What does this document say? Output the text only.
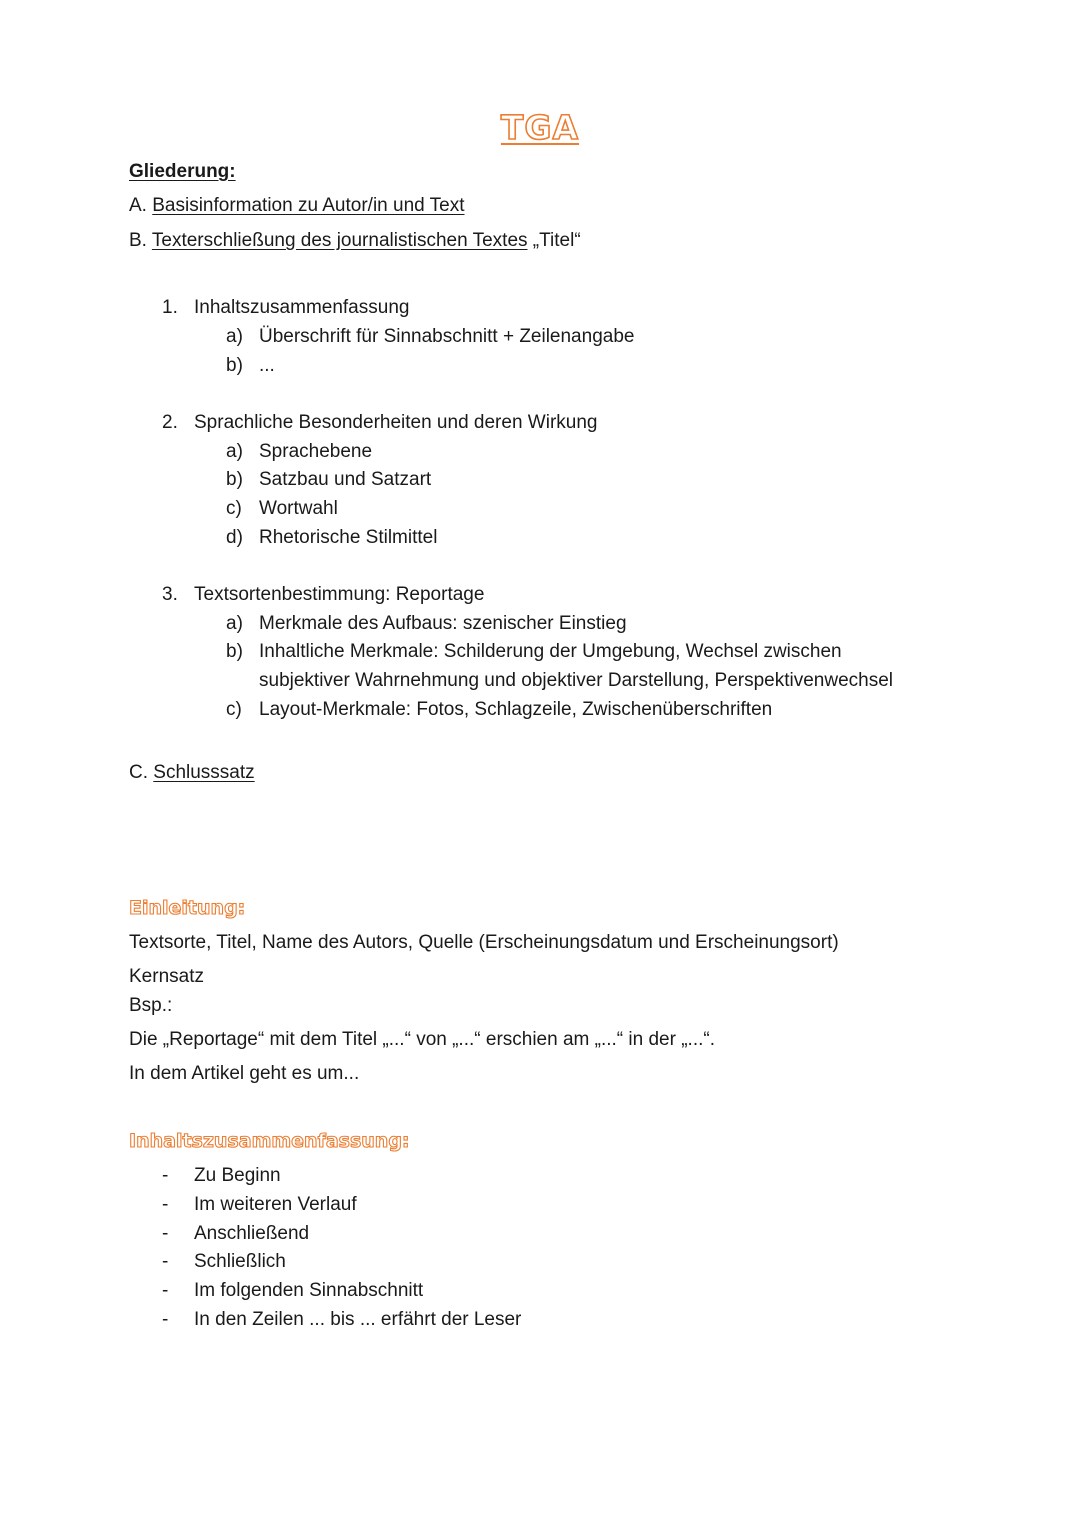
TGA
Gliederung:
A. Basisinformation zu Autor/in und Text
B. Texterschließung des journalistischen Textes „Titel“
1. Inhaltszusammenfassung
a) Überschrift für Sinnabschnitt + Zeilenangabe
b) ...
2. Sprachliche Besonderheiten und deren Wirkung
a) Sprachebene
b) Satzbau und Satzart
c) Wortwahl
d) Rhetorische Stilmittel
3. Textsortenbestimmung: Reportage
a) Merkmale des Aufbaus: szenischer Einstieg
b) Inhaltliche Merkmale: Schilderung der Umgebung, Wechsel zwischen
subjektiver Wahrnehmung und objektiver Darstellung, Perspektivenwechsel
c) Layout-Merkmale: Fotos, Schlagzeile, Zwischenüberschriften
C. Schlusssatz
Einleitung:
Textsorte, Titel, Name des Autors, Quelle (Erscheinungsdatum und Erscheinungsort)
Kernsatz
Bsp.:
Die „Reportage“ mit dem Titel „...“ von „...“ erschien am „...“ in der „...“.
In dem Artikel geht es um...
Inhaltszusammenfassung:
- Zu Beginn
- Im weiteren Verlauf
- Anschließend
- Schließlich
- Im folgenden Sinnabschnitt
- In den Zeilen ... bis ... erfährt der Leser
